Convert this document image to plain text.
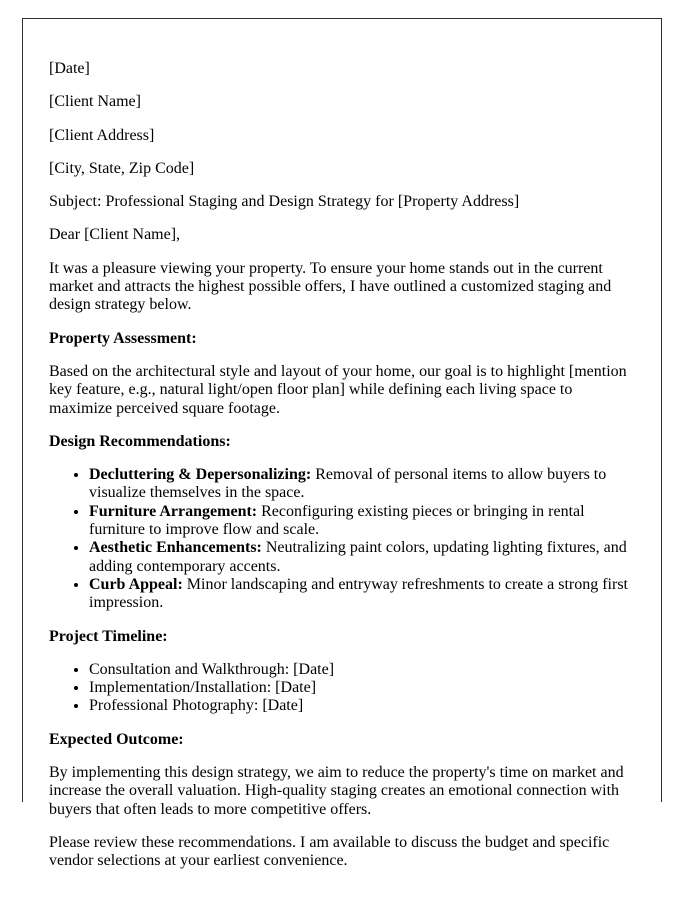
[Date]

[Client Name]

[Client Address]

[City, State, Zip Code]

Subject: Professional Staging and Design Strategy for [Property Address]

Dear [Client Name],

It was a pleasure viewing your property. To ensure your home stands out in the current market and attracts the highest possible offers, I have outlined a customized staging and design strategy below.

Property Assessment:

Based on the architectural style and layout of your home, our goal is to highlight [mention key feature, e.g., natural light/open floor plan] while defining each living space to maximize perceived square footage.

Design Recommendations:

• Decluttering & Depersonalizing: Removal of personal items to allow buyers to visualize themselves in the space.
• Furniture Arrangement: Reconfiguring existing pieces or bringing in rental furniture to improve flow and scale.
• Aesthetic Enhancements: Neutralizing paint colors, updating lighting fixtures, and adding contemporary accents.
• Curb Appeal: Minor landscaping and entryway refreshments to create a strong first impression.

Project Timeline:

• Consultation and Walkthrough: [Date]
• Implementation/Installation: [Date]
• Professional Photography: [Date]

Expected Outcome:

By implementing this design strategy, we aim to reduce the property's time on market and increase the overall valuation. High-quality staging creates an emotional connection with buyers that often leads to more competitive offers.

Please review these recommendations. I am available to discuss the budget and specific vendor selections at your earliest convenience.
